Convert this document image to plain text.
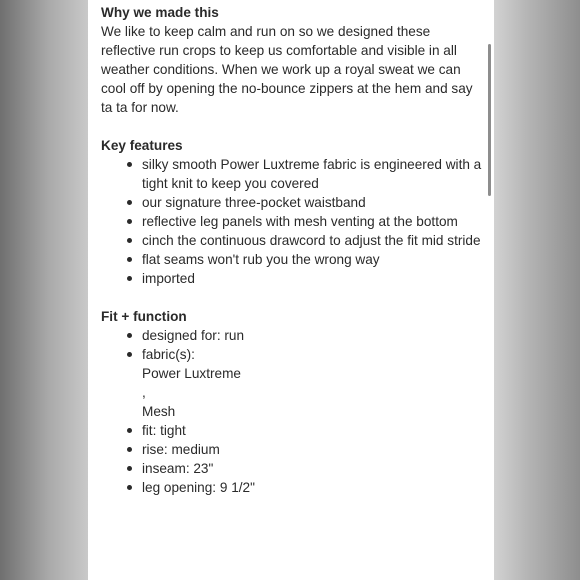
Why we made this

We like to keep calm and run on so we designed these reflective run crops to keep us comfortable and visible in all weather conditions. When we work up a royal sweat we can cool off by opening the no-bounce zippers at the hem and say ta ta for now.

Key features

silky smooth Power Luxtreme fabric is engineered with a tight knit to keep you covered
our signature three-pocket waistband
reflective leg panels with mesh venting at the bottom
cinch the continuous drawcord to adjust the fit mid stride
flat seams won't rub you the wrong way
imported

Fit + function

designed for: run
fabric(s):
Power Luxtreme
,
Mesh
fit: tight
rise: medium
inseam: 23"
leg opening: 9 1/2"
